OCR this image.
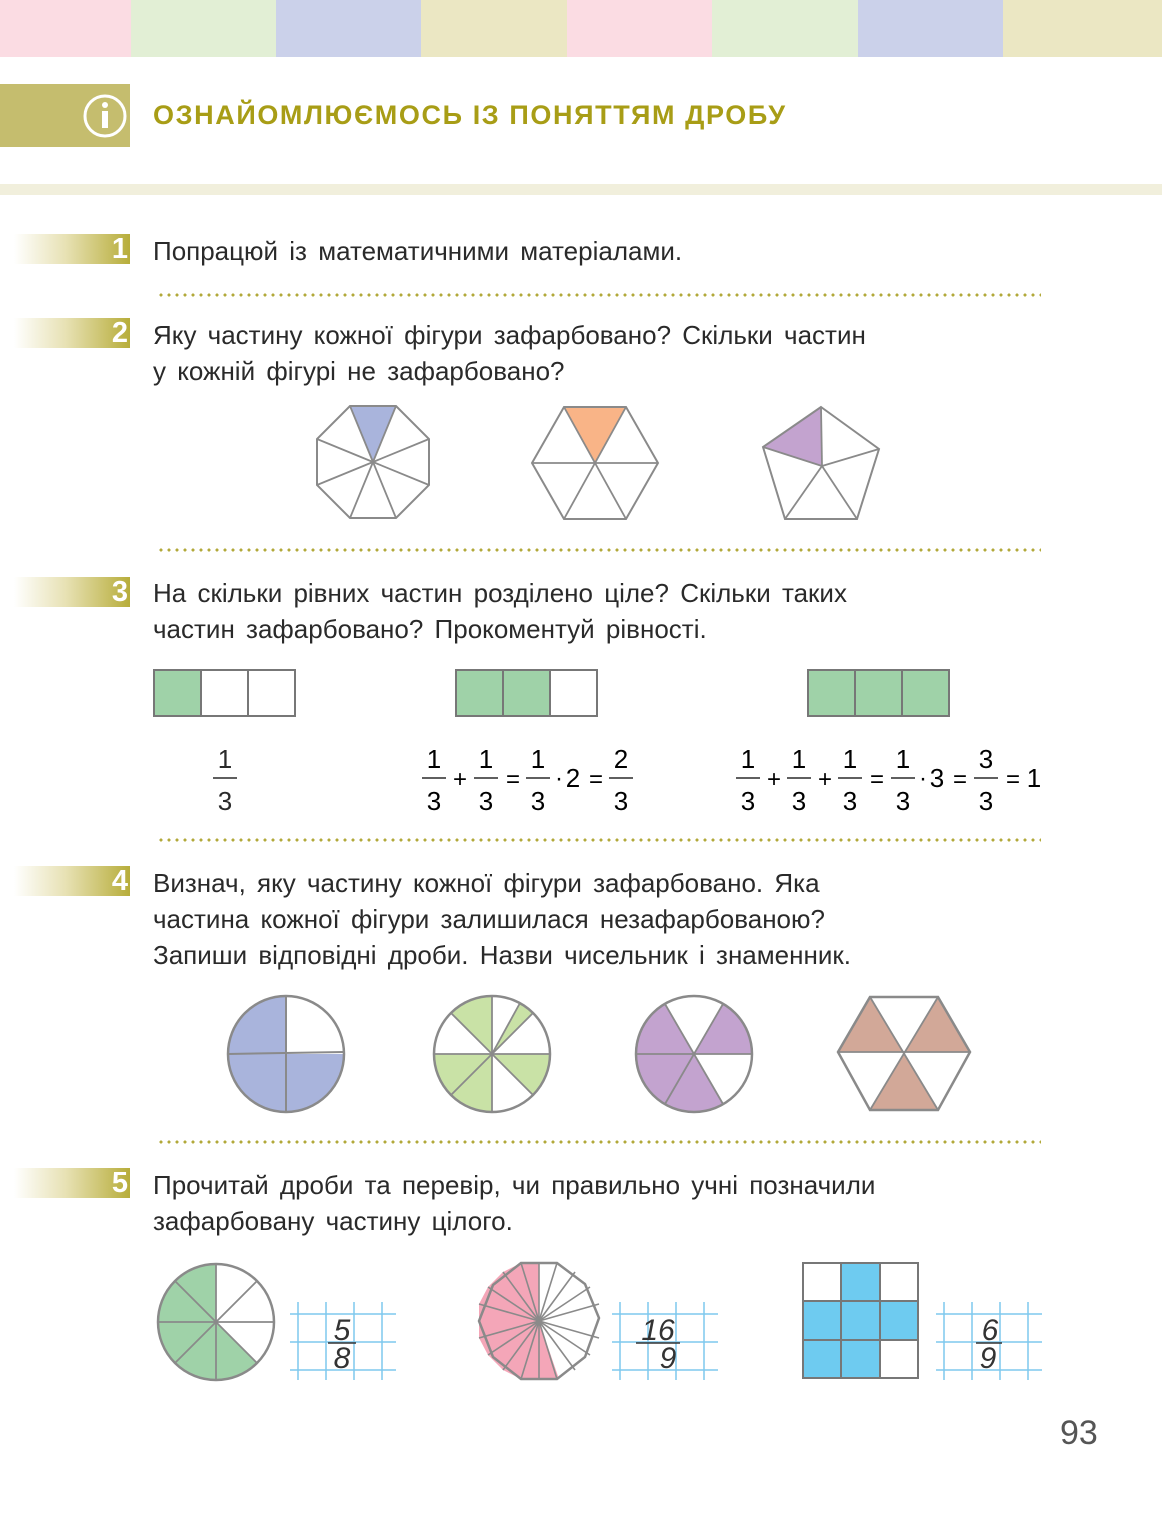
ОЗНАЙОМЛЮЄМОСЬ ІЗ ПОНЯТТЯМ ДРОБУ
1 Попрацюй із математичними матеріалами.
2 Яку частину кожної фігури зафарбовано? Скільки частин
у кожній фігурі не зафарбовано?
3 На скільки рівних частин розділено ціле? Скільки таких
частин зафарбовано? Прокоментуй рівності.
1
3
1
3
+
1
3
=
1
3
· 2 =
2
3
1
3
+
1
3
+
1
3
=
1
3
· 3 =
3
3
= 1
4 Визнач, яку частину кожної фігури зафарбовано. Яка
частина кожної фігури залишилася незафарбованою?
Запиши відповідні дроби. Назви чисельник і знаменник.
5 Прочитай дроби та перевір, чи правильно учні позначили
зафарбовану частину цілого.
5
8
16
9
6
9
93
